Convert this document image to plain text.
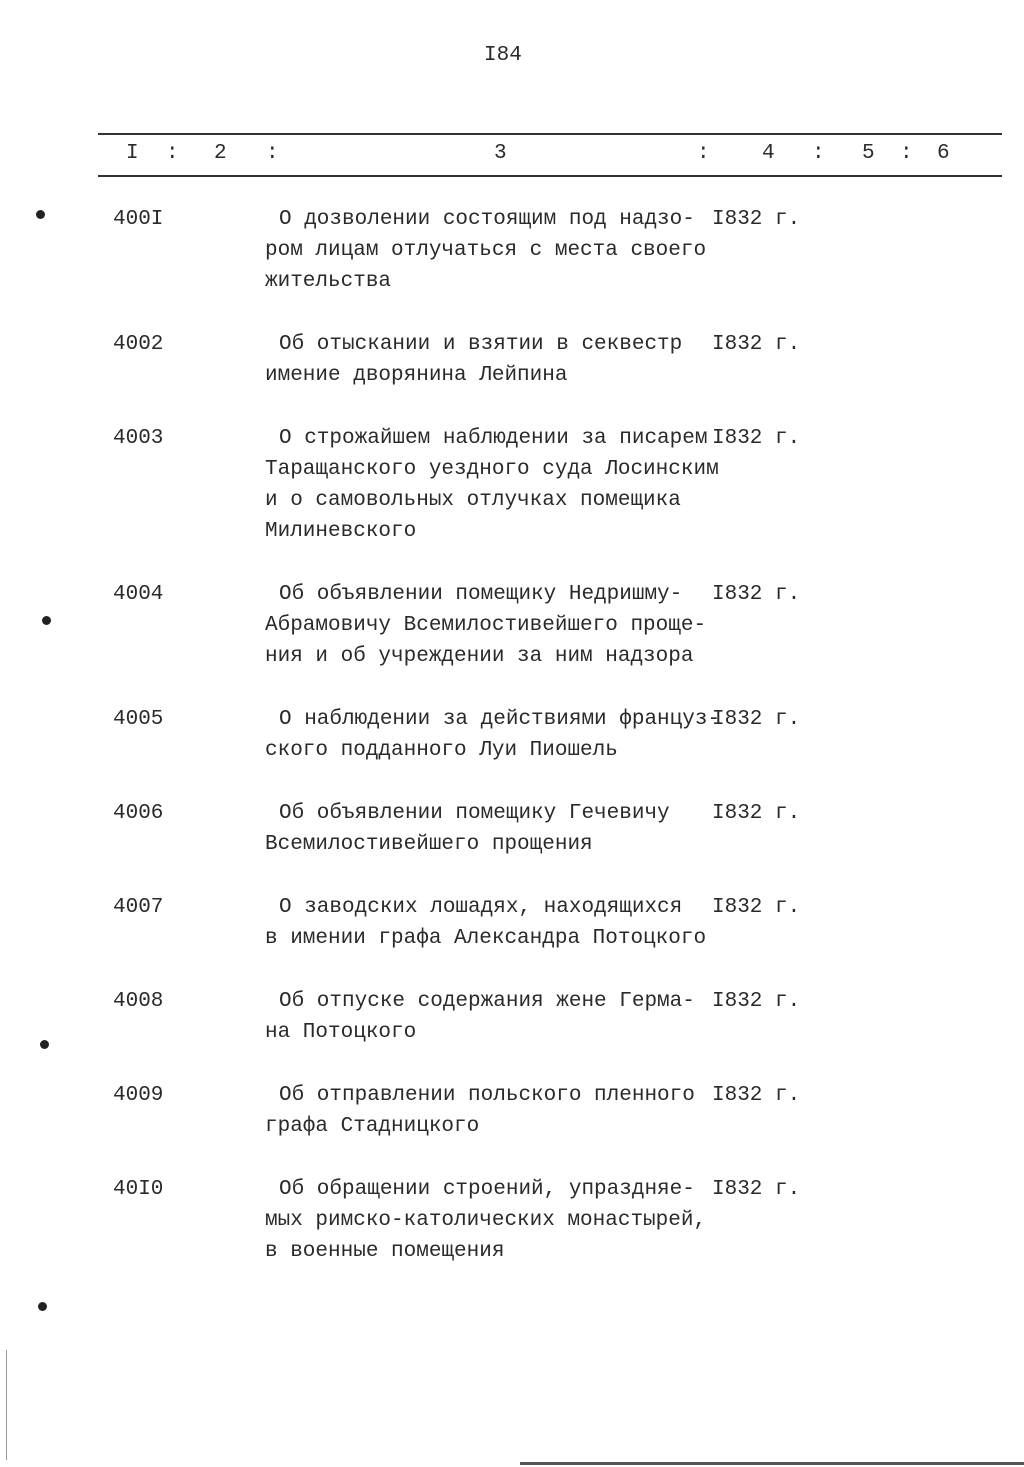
I84
I : 2 :	3	: 4 : 5 : 6
400I	О дозволении состоящим под надзо-
ром лицам отлучаться с места своего
жительства
I832 г.
4002	Об отыскании и взятии в секвестр
имение дворянина Лейпина
I832 г.
4003	О строжайшем наблюдении за писарем
Таращанского уездного суда Лосинским
и о самовольных отлучках помещика
Милиневского
I832 г.
4004	Об объявлении помещику Недришму-
Абрамовичу Всемилостивейшего проще-
ния и об учреждении за ним надзора
I832 г.
4005	О наблюдении за действиями француз-
ского подданного Луи Пиошель
I832 г.
4006	Об объявлении помещику Гечевичу
Всемилостивейшего прощения
I832 г.
4007	О заводских лошадях, находящихся
в имении графа Александра Потоцкого
I832 г.
4008	Об отпуске содержания жене Герма-
на Потоцкого
I832 г.
4009	Об отправлении польского пленного
графа Стадницкого
I832 г.
40I0	Об обращении строений, упраздняе-
мых римско-католических монастырей,
в военные помещения
I832 г.
